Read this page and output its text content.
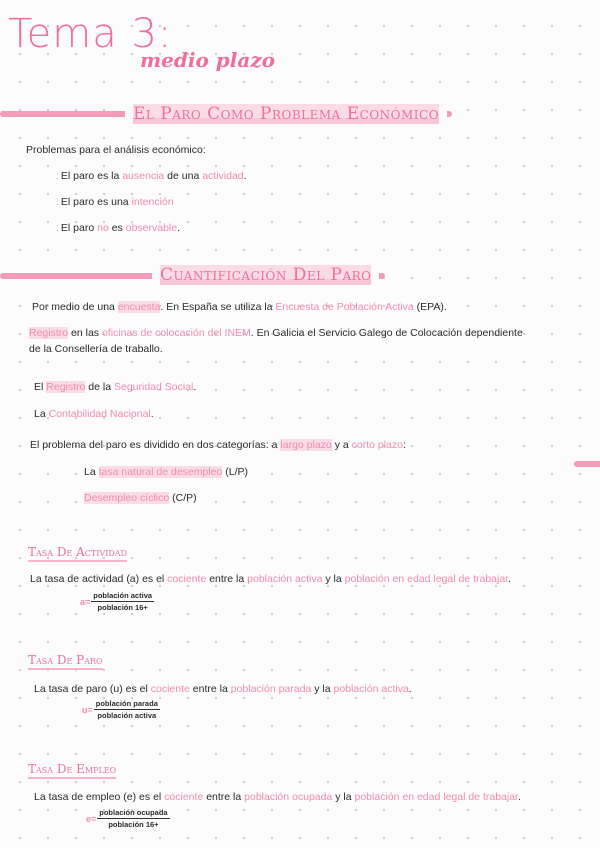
Tema 3:
medio plazo
El Paro Como Problema Económico
Problemas para el análisis económico:
: El paro es la ausencia de una actividad.
: El paro es una intención
: El paro no es observable.
Cuantificación Del Paro
Por medio de una encuesta. En España se utiliza la Encuesta de Población Activa (EPA).
Registro en las oficinas de colocación del INEM. En Galicia el Servicio Galego de Colocación dependiente
de la Consellería de traballo.
El Registro de la Seguridad Social.
La Contabilidad Nacional.
El problema del paro es dividido en dos categorías: a largo plazo y a corto plazo:
La tasa natural de desempleo (L/P)
Desempleo cíclico (C/P)
Tasa De Actividad
La tasa de actividad (a) es el cociente entre la población activa y la población en edad legal de trabajar.
$a= \frac{\text{población activa}}{\text{población 16+}}$
Tasa De Paro
La tasa de paro (u) es el cociente entre la población parada y la población activa.
$u= \frac{\text{población parada}}{\text{población activa}}$
Tasa De Empleo
La tasa de empleo (e) es el cociente entre la población ocupada y la población en edad legal de trabajar.
$e= \frac{\text{población ocupada}}{\text{población 16+}}$
